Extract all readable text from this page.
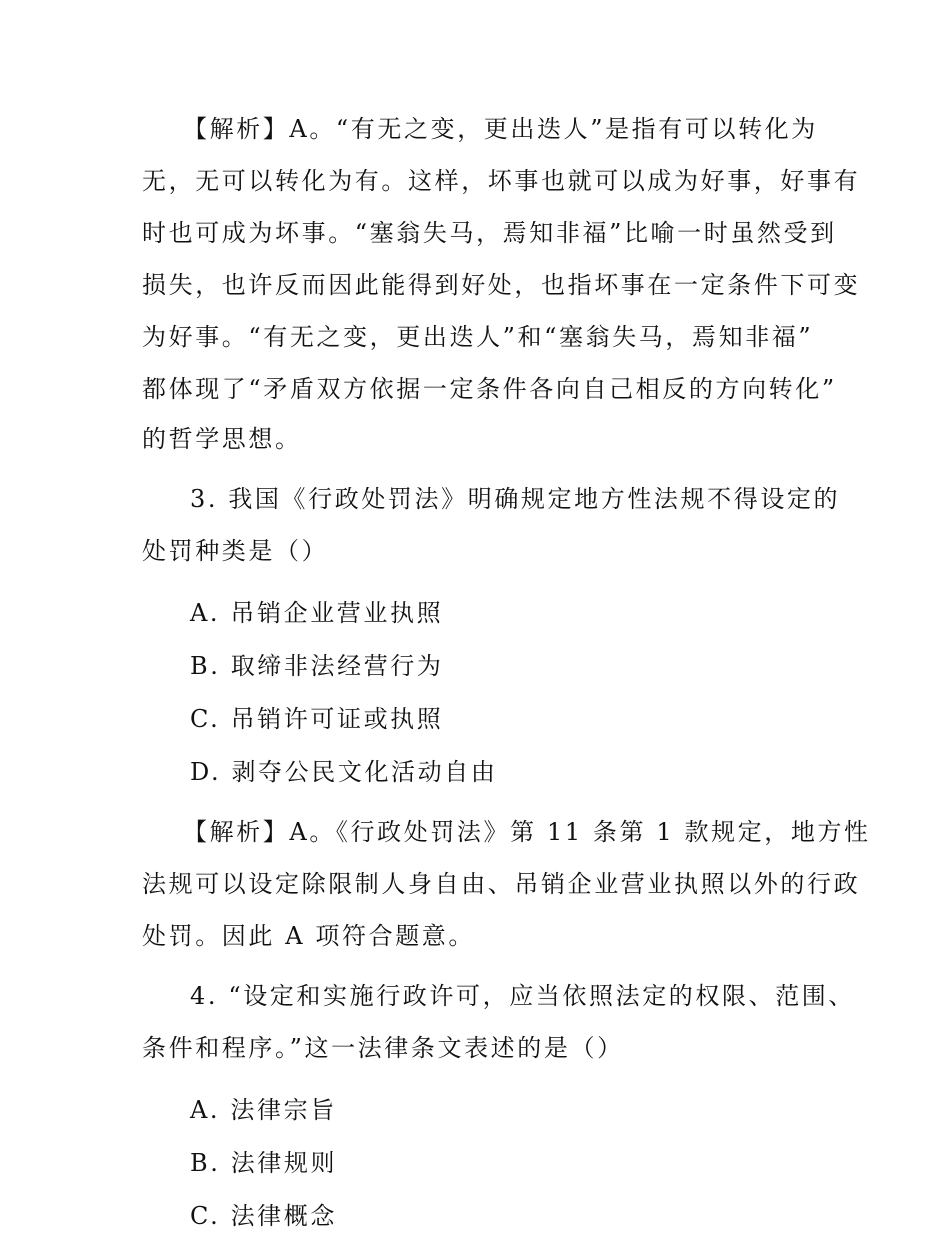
【解析】A。“有无之变，更出迭人”是指有可以转化为

无，无可以转化为有。这样，坏事也就可以成为好事，好事有

时也可成为坏事。“塞翁失马，焉知非福”比喻一时虽然受到

损失，也许反而因此能得到好处，也指坏事在一定条件下可变

为好事。“有无之变，更出迭人”和“塞翁失马，焉知非福”

都体现了“矛盾双方依据一定条件各向自己相反的方向转化”

的哲学思想。

3. 我国《行政处罚法》明确规定地方性法规不得设定的

处罚种类是（）

A. 吊销企业营业执照

B. 取缔非法经营行为

C. 吊销许可证或执照

D. 剥夺公民文化活动自由

【解析】A。《行政处罚法》第 11 条第 1 款规定，地方性

法规可以设定除限制人身自由、吊销企业营业执照以外的行政

处罚。因此 A 项符合题意。

4. “设定和实施行政许可，应当依照法定的权限、范围、

条件和程序。”这一法律条文表述的是（）

A. 法律宗旨

B. 法律规则

C. 法律概念
